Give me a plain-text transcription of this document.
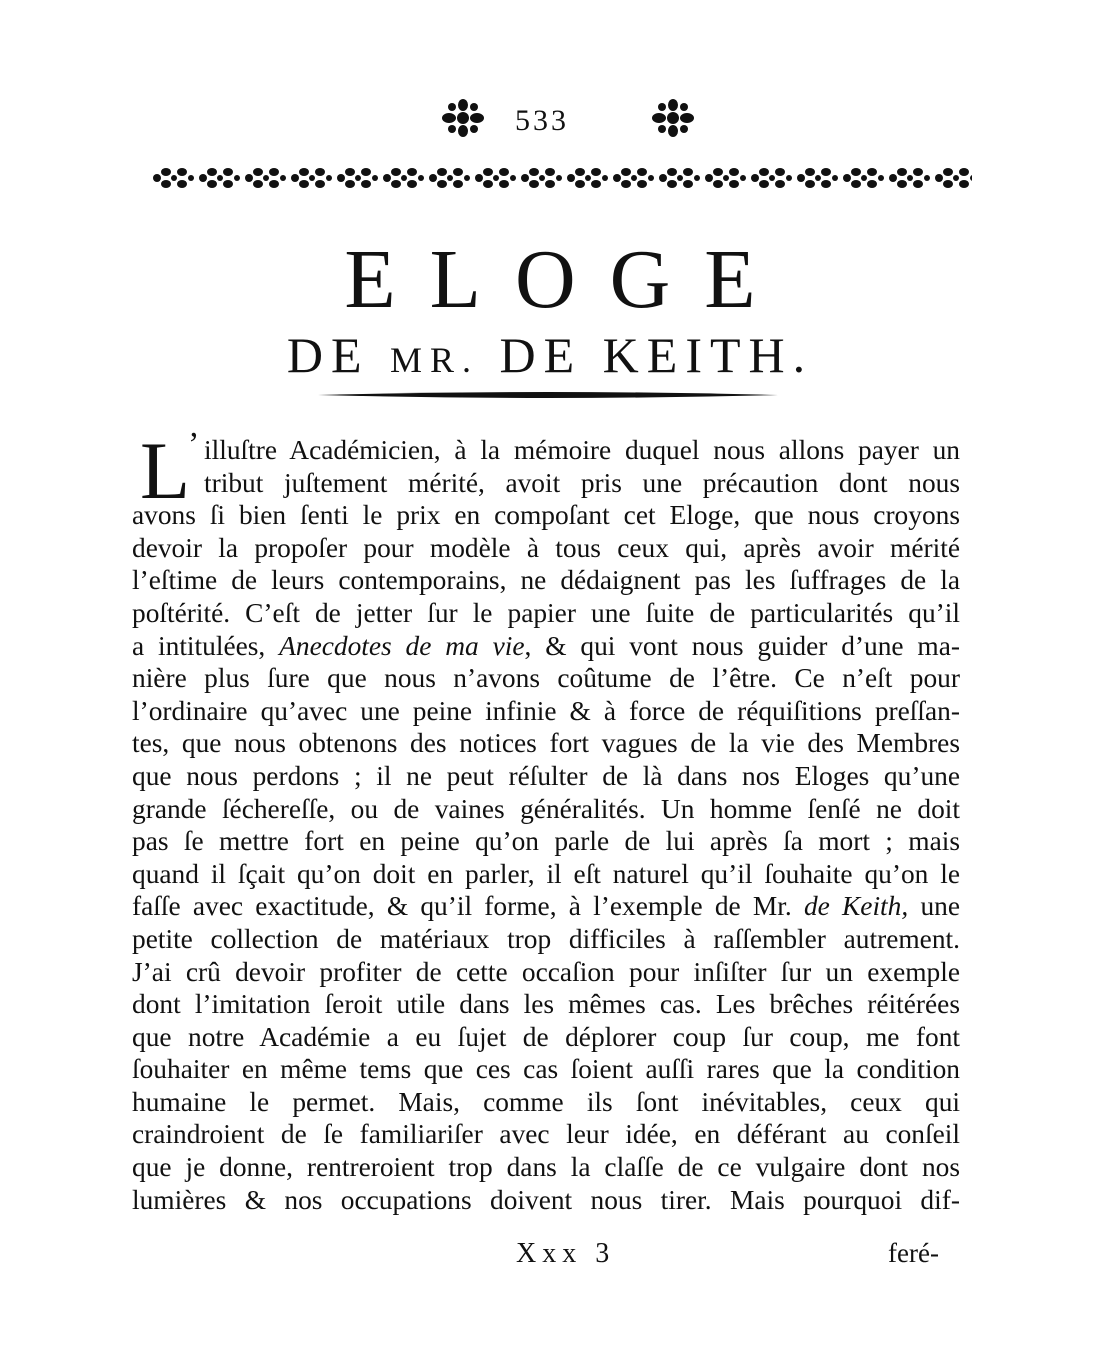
533
ELOGE
DE MR. DE KEITH.
L
’ illuſtre Académicien, à la mémoire duquel nous allons payer un
tribut juſtement mérité, avoit pris une précaution dont nous
avons ſi bien ſenti le prix en compoſant cet Eloge, que nous croyons
devoir la propoſer pour modèle à tous ceux qui, après avoir mérité
l’eſtime de leurs contemporains, ne dédaignent pas les ſuffrages de la
poſtérité. C’eſt de jetter ſur le papier une ſuite de particularités qu’il
a intitulées, Anecdotes de ma vie, & qui vont nous guider d’une ma-
nière plus ſure que nous n’avons coûtume de l’être. Ce n’eſt pour
l’ordinaire qu’avec une peine infinie & à force de réquiſitions preſſan-
tes, que nous obtenons des notices fort vagues de la vie des Membres
que nous perdons ; il ne peut réſulter de là dans nos Eloges qu’une
grande ſéchereſſe, ou de vaines généralités. Un homme ſenſé ne doit
pas ſe mettre fort en peine qu’on parle de lui après ſa mort ; mais
quand il ſçait qu’on doit en parler, il eſt naturel qu’il ſouhaite qu’on le
faſſe avec exactitude, & qu’il forme, à l’exemple de Mr. de Keith, une
petite collection de matériaux trop difficiles à raſſembler autrement.
J’ai crû devoir profiter de cette occaſion pour inſiſter ſur un exemple
dont l’imitation ſeroit utile dans les mêmes cas. Les brêches réitérées
que notre Académie a eu ſujet de déplorer coup ſur coup, me font
ſouhaiter en même tems que ces cas ſoient auſſi rares que la condition
humaine le permet. Mais, comme ils ſont inévitables, ceux qui
craindroient de ſe familiariſer avec leur idée, en déférant au conſeil
que je donne, rentreroient trop dans la claſſe de ce vulgaire dont nos
lumières & nos occupations doivent nous tirer. Mais pourquoi dif-
Xxx 3	feré-
